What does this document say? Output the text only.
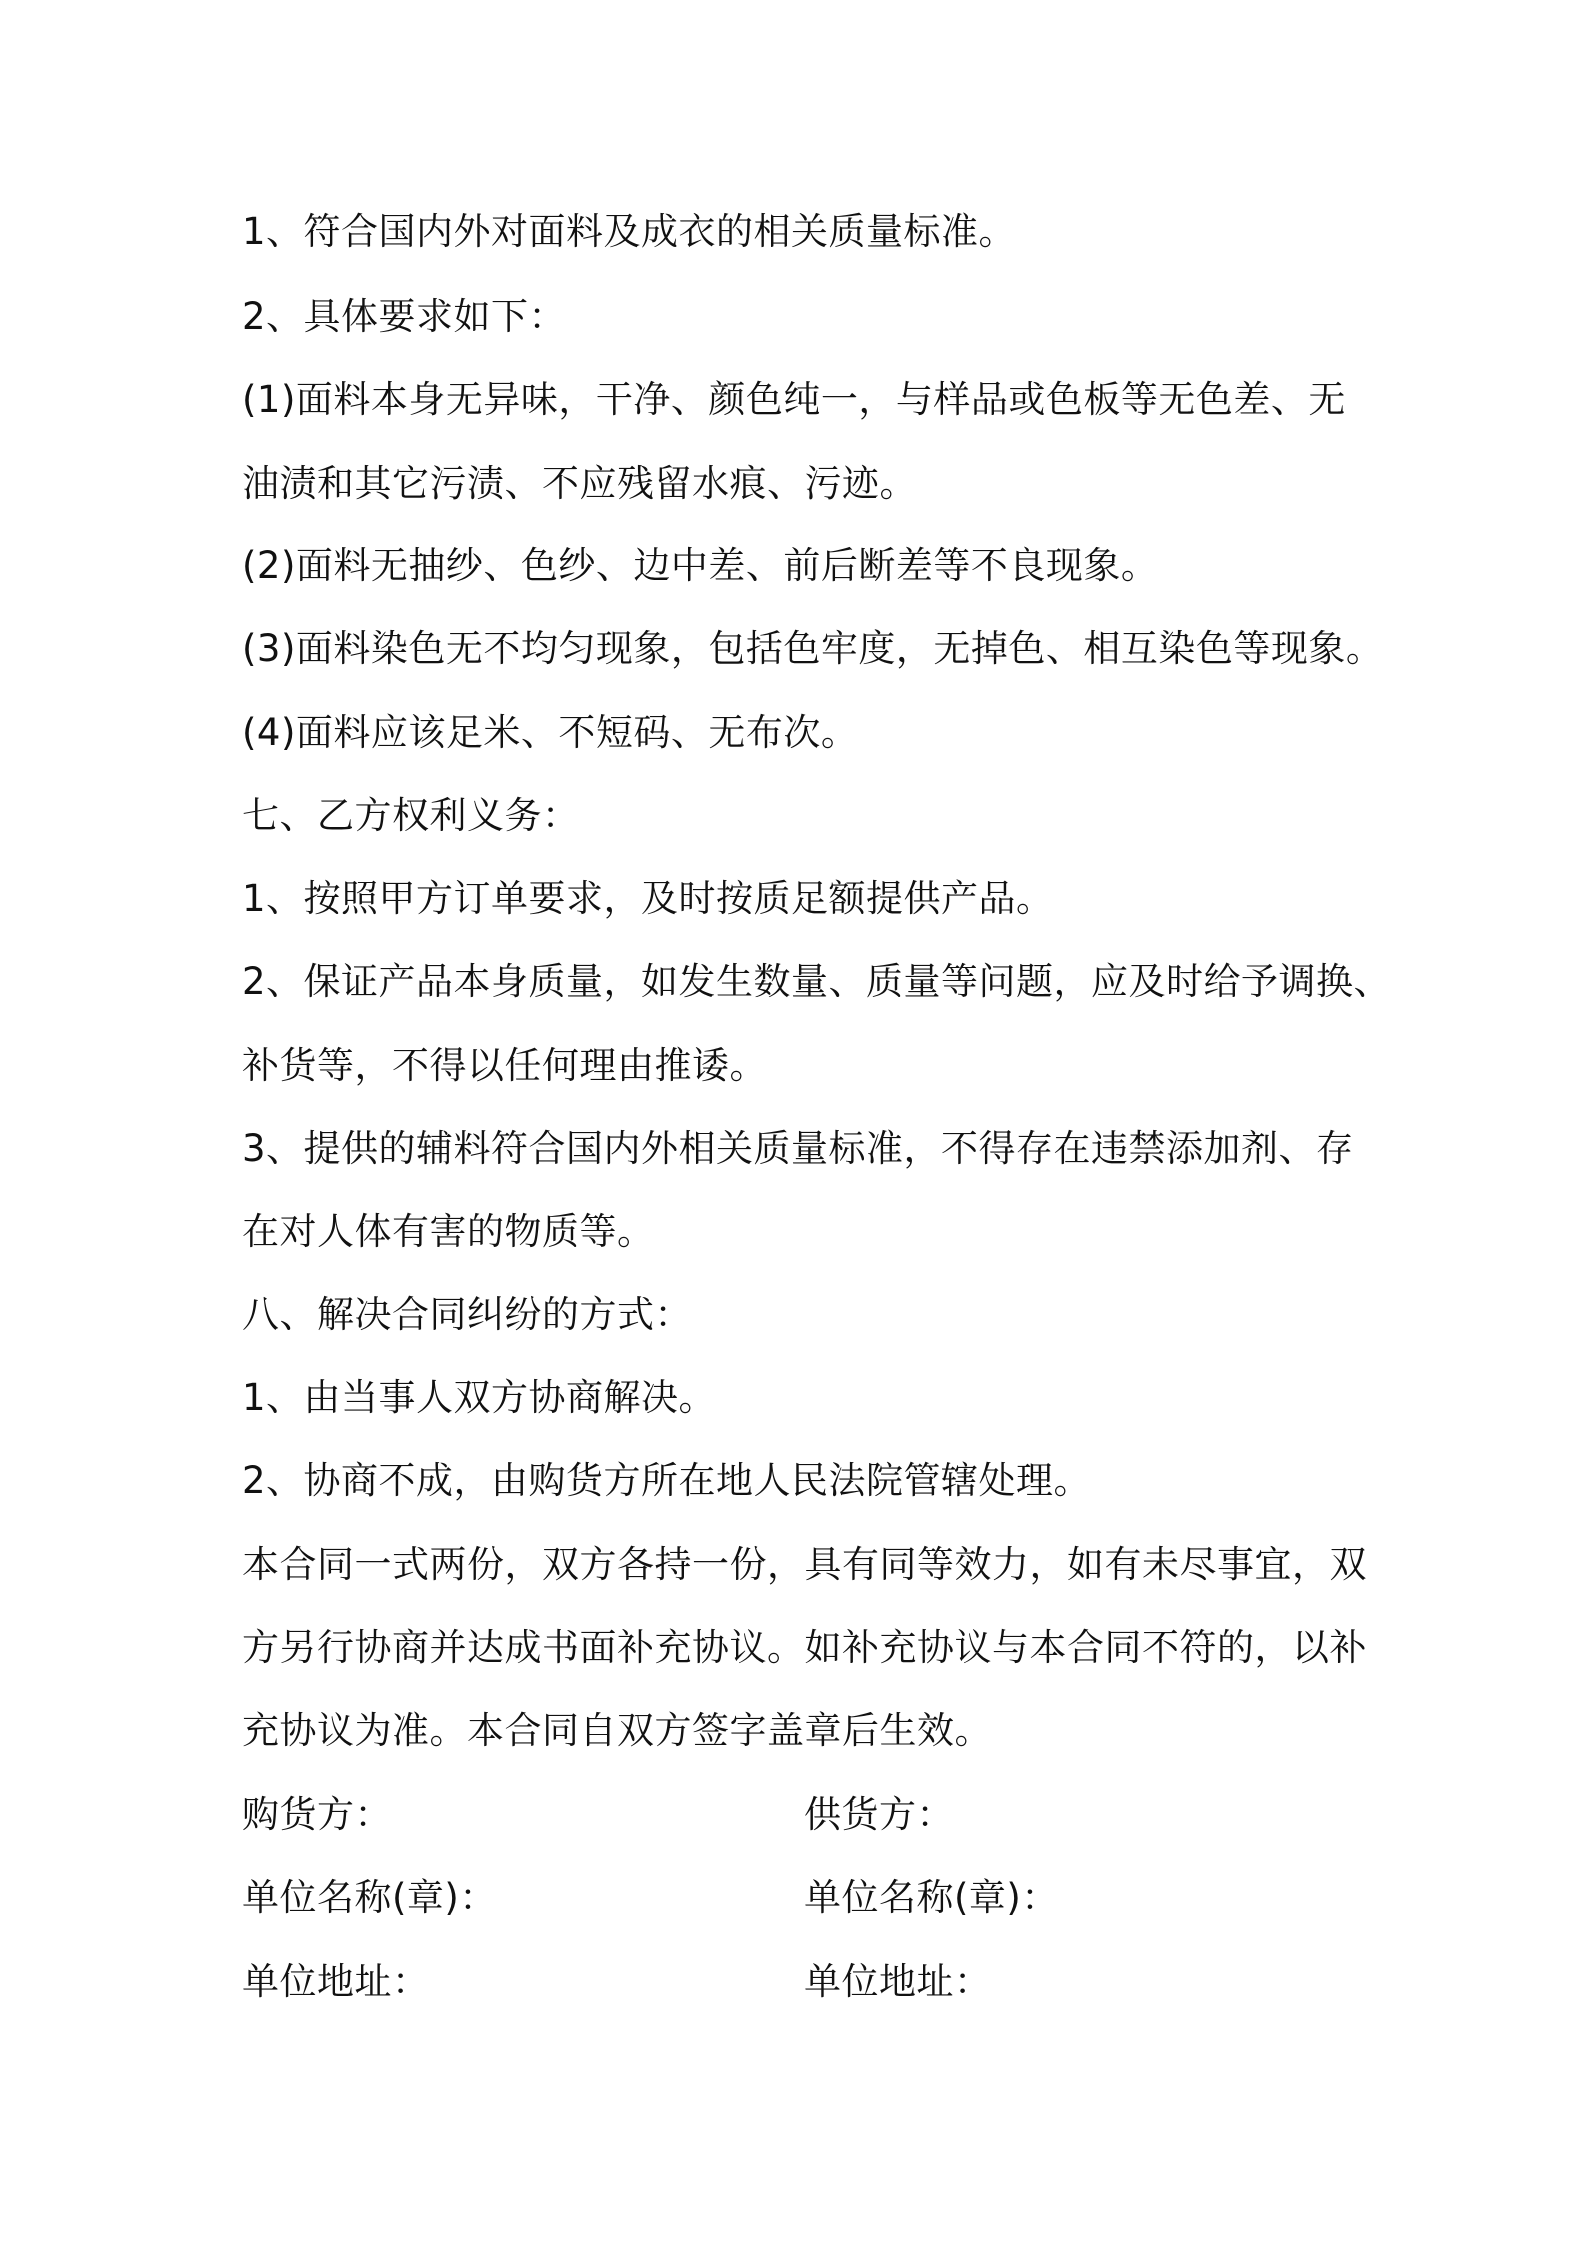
1、符合国内外对面料及成衣的相关质量标准。
2、具体要求如下：
(1)面料本身无异味，干净、颜色纯一，与样品或色板等无色差、无
油渍和其它污渍、不应残留水痕、污迹。
(2)面料无抽纱、色纱、边中差、前后断差等不良现象。
(3)面料染色无不均匀现象，包括色牢度，无掉色、相互染色等现象。
(4)面料应该足米、不短码、无布次。
七、乙方权利义务：
1、按照甲方订单要求，及时按质足额提供产品。
2、保证产品本身质量，如发生数量、质量等问题，应及时给予调换、
补货等，不得以任何理由推诿。
3、提供的辅料符合国内外相关质量标准，不得存在违禁添加剂、存
在对人体有害的物质等。
八、解决合同纠纷的方式：
1、由当事人双方协商解决。
2、协商不成，由购货方所在地人民法院管辖处理。
本合同一式两份，双方各持一份，具有同等效力，如有未尽事宜，双
方另行协商并达成书面补充协议。如补充协议与本合同不符的，以补
充协议为准。本合同自双方签字盖章后生效。
购货方：	供货方：
单位名称(章)：	单位名称(章)：
单位地址：	单位地址：
